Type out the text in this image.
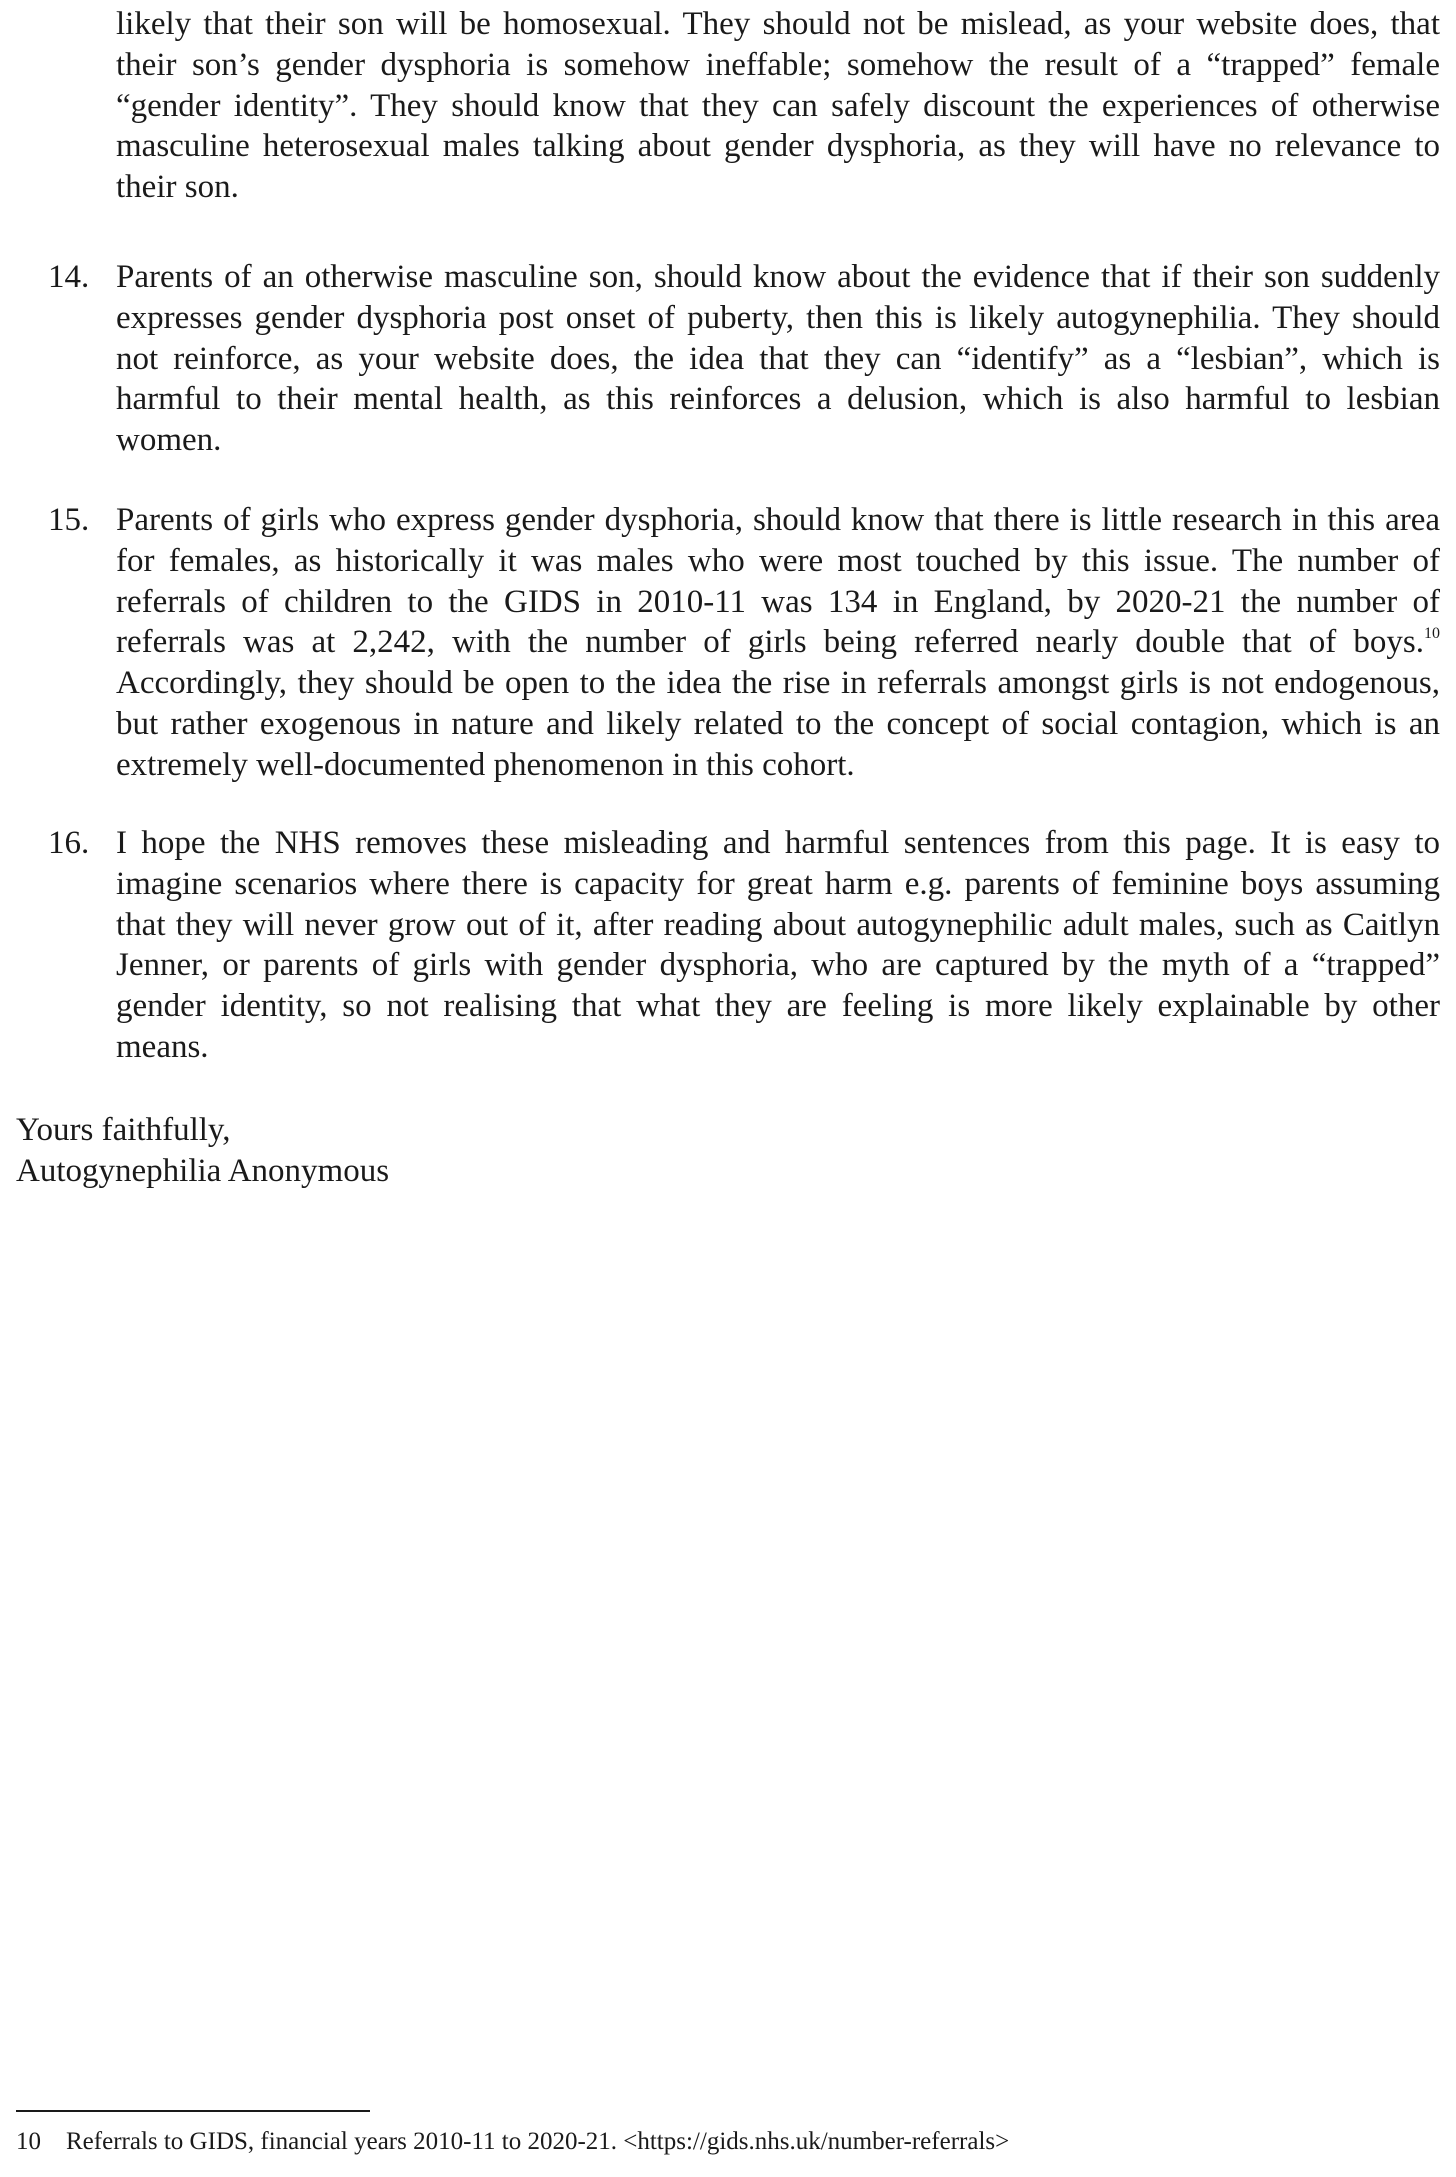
likely that their son will be homosexual. They should not be mislead, as your website does, that their son’s gender dysphoria is somehow ineffable; somehow the result of a “trapped” female “gender identity”. They should know that they can safely discount the experiences of otherwise masculine heterosexual males talking about gender dysphoria, as they will have no relevance to their son.

14. Parents of an otherwise masculine son, should know about the evidence that if their son suddenly expresses gender dysphoria post onset of puberty, then this is likely autogynephilia. They should not reinforce, as your website does, the idea that they can “identify” as a “lesbian”, which is harmful to their mental health, as this reinforces a delusion, which is also harmful to lesbian women.

15. Parents of girls who express gender dysphoria, should know that there is little research in this area for females, as historically it was males who were most touched by this issue. The number of referrals of children to the GIDS in 2010-11 was 134 in England, by 2020-21 the number of referrals was at 2,242, with the number of girls being referred nearly double that of boys.$^{10}$ Accordingly, they should be open to the idea the rise in referrals amongst girls is not endogenous, but rather exogenous in nature and likely related to the concept of social contagion, which is an extremely well-documented phenomenon in this cohort.

16. I hope the NHS removes these misleading and harmful sentences from this page. It is easy to imagine scenarios where there is capacity for great harm e.g. parents of feminine boys assuming that they will never grow out of it, after reading about autogynephilic adult males, such as Caitlyn Jenner, or parents of girls with gender dysphoria, who are captured by the myth of a “trapped” gender identity, so not realising that what they are feeling is more likely explainable by other means.

Yours faithfully,
Autogynephilia Anonymous
10 Referrals to GIDS, financial years 2010-11 to 2020-21. <https://gids.nhs.uk/number-referrals>
